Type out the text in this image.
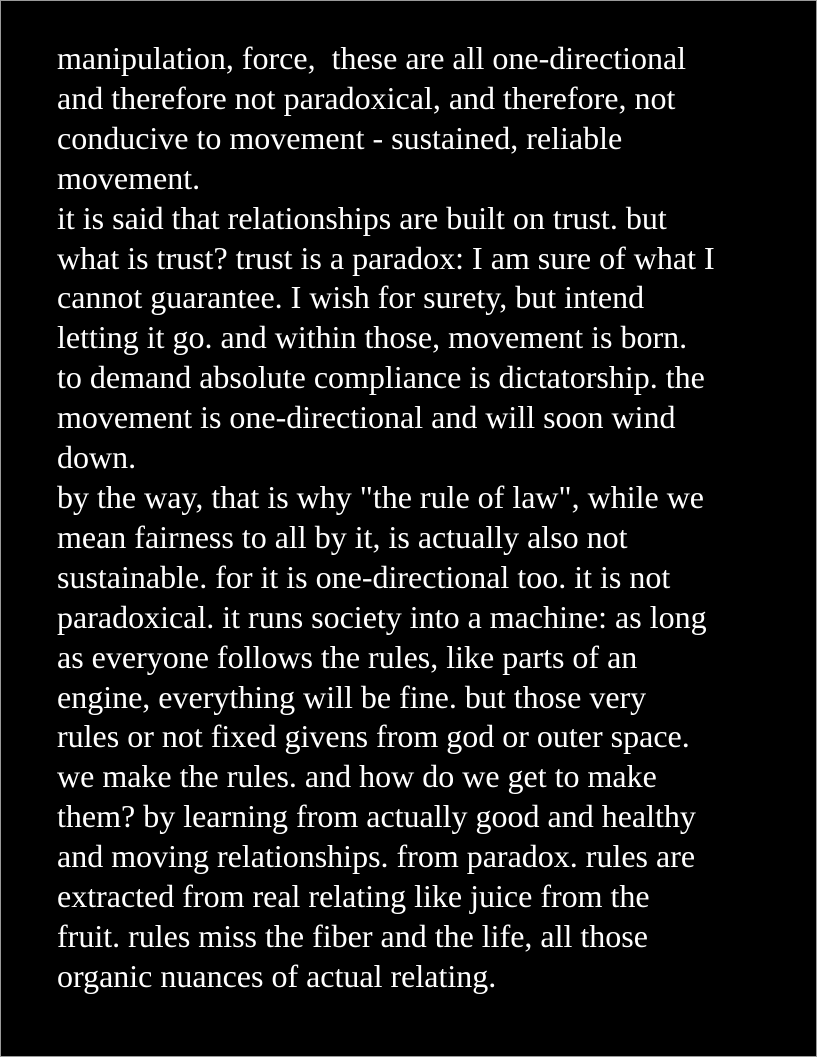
manipulation, force,  these are all one-directional
and therefore not paradoxical, and therefore, not
conducive to movement - sustained, reliable
movement.
it is said that relationships are built on trust. but
what is trust? trust is a paradox: I am sure of what I
cannot guarantee. I wish for surety, but intend
letting it go. and within those, movement is born.
to demand absolute compliance is dictatorship. the
movement is one-directional and will soon wind
down.
by the way, that is why "the rule of law", while we
mean fairness to all by it, is actually also not
sustainable. for it is one-directional too. it is not
paradoxical. it runs society into a machine: as long
as everyone follows the rules, like parts of an
engine, everything will be fine. but those very
rules or not fixed givens from god or outer space.
we make the rules. and how do we get to make
them? by learning from actually good and healthy
and moving relationships. from paradox. rules are
extracted from real relating like juice from the
fruit. rules miss the fiber and the life, all those
organic nuances of actual relating.
